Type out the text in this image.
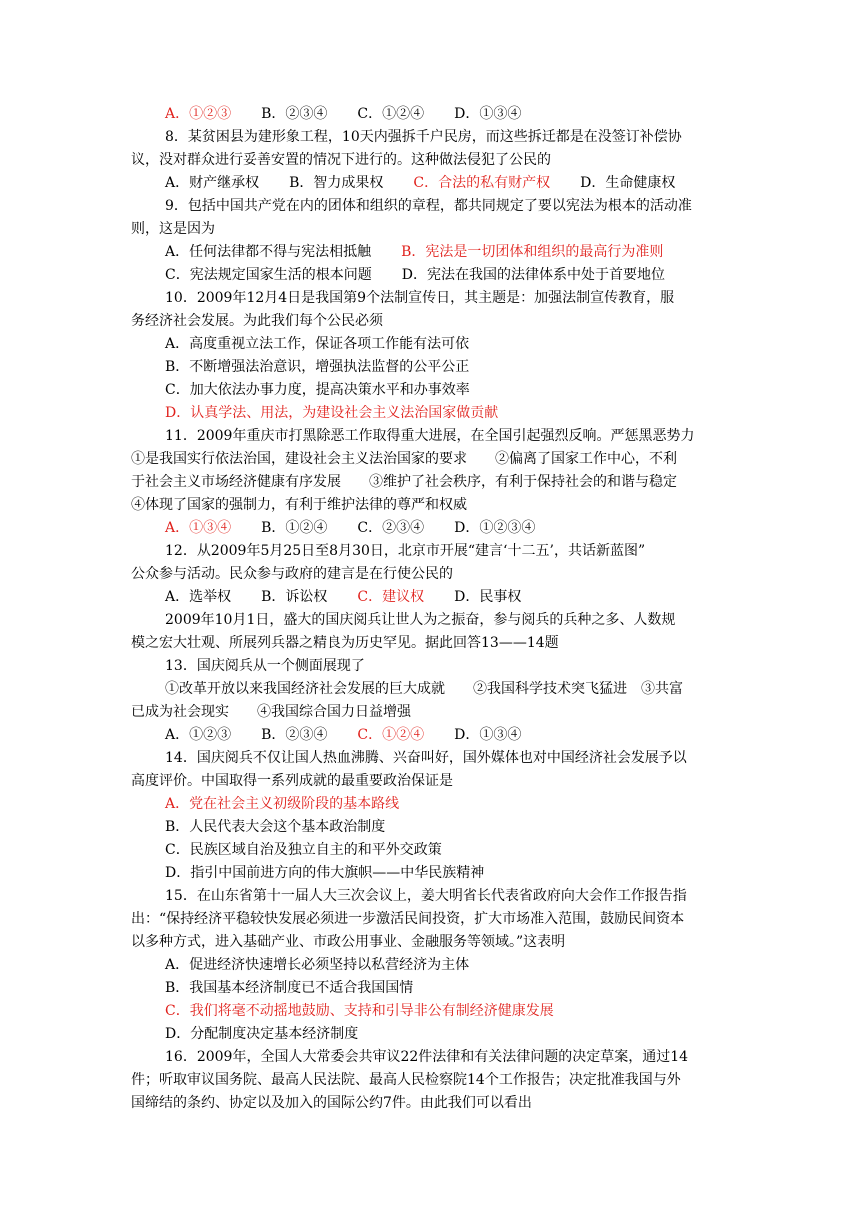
A．①②③ B．②③④ C．①②④ D．①③④
8．某贫困县为建形象工程，10天内强拆千户民房，而这些拆迁都是在没签订补偿协
议，没对群众进行妥善安置的情况下进行的。这种做法侵犯了公民的
A．财产继承权 B．智力成果权 C．合法的私有财产权 D．生命健康权
9．包括中国共产党在内的团体和组织的章程，都共同规定了要以宪法为根本的活动准
则，这是因为
A．任何法律都不得与宪法相抵触 B．宪法是一切团体和组织的最高行为准则
C．宪法规定国家生活的根本问题 D．宪法在我国的法律体系中处于首要地位
10．2009年12月4日是我国第9个法制宣传日，其主题是：加强法制宣传教育，服
务经济社会发展。为此我们每个公民必须
A．高度重视立法工作，保证各项工作能有法可依
B．不断增强法治意识，增强执法监督的公平公正
C．加大依法办事力度，提高决策水平和办事效率
D．认真学法、用法，为建设社会主义法治国家做贡献
11．2009年重庆市打黑除恶工作取得重大进展，在全国引起强烈反响。严惩黑恶势力
①是我国实行依法治国，建设社会主义法治国家的要求　　②偏离了国家工作中心，不利
于社会主义市场经济健康有序发展　　③维护了社会秩序，有利于保持社会的和谐与稳定
④体现了国家的强制力，有利于维护法律的尊严和权威
A．①③④ B．①②④ C．②③④ D．①②③④
12．从2009年5月25日至8月30日，北京市开展“建言‘十二五’，共话新蓝图”
公众参与活动。民众参与政府的建言是在行使公民的
A．选举权 B．诉讼权 C．建议权 D．民事权
2009年10月1日，盛大的国庆阅兵让世人为之振奋，参与阅兵的兵种之多、人数规
模之宏大壮观、所展列兵器之精良为历史罕见。据此回答13——14题
13．国庆阅兵从一个侧面展现了
①改革开放以来我国经济社会发展的巨大成就　　②我国科学技术突飞猛进　③共富
已成为社会现实　　④我国综合国力日益增强
A．①②③ B．②③④ C．①②④ D．①③④
14．国庆阅兵不仅让国人热血沸腾、兴奋叫好，国外媒体也对中国经济社会发展予以
高度评价。中国取得一系列成就的最重要政治保证是
A．党在社会主义初级阶段的基本路线
B．人民代表大会这个基本政治制度
C．民族区域自治及独立自主的和平外交政策
D．指引中国前进方向的伟大旗帜——中华民族精神
15．在山东省第十一届人大三次会议上，姜大明省长代表省政府向大会作工作报告指
出：“保持经济平稳较快发展必须进一步激活民间投资，扩大市场准入范围，鼓励民间资本
以多种方式，进入基础产业、市政公用事业、金融服务等领域。”这表明
A．促进经济快速增长必须坚持以私营经济为主体
B．我国基本经济制度已不适合我国国情
C．我们将毫不动摇地鼓励、支持和引导非公有制经济健康发展
D．分配制度决定基本经济制度
16．2009年，全国人大常委会共审议22件法律和有关法律问题的决定草案，通过14
件；听取审议国务院、最高人民法院、最高人民检察院14个工作报告；决定批准我国与外
国缔结的条约、协定以及加入的国际公约7件。由此我们可以看出
